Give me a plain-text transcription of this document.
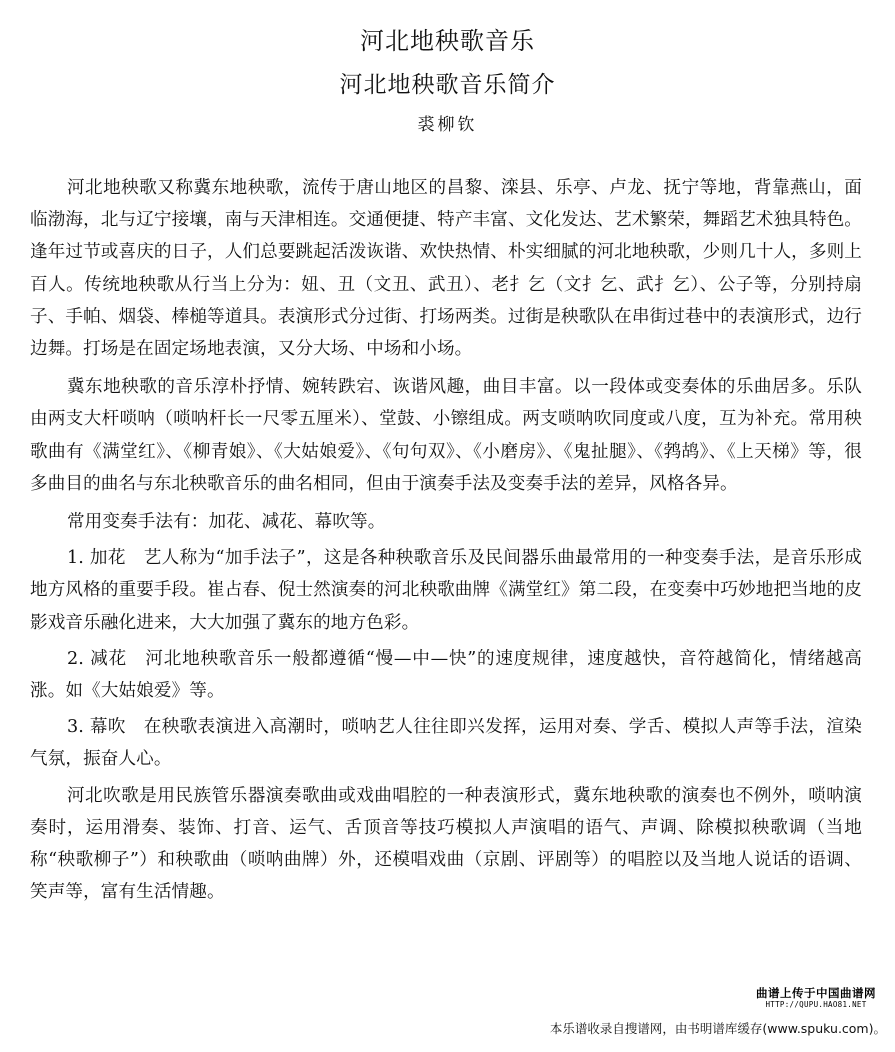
河北地秧歌音乐
河北地秧歌音乐简介
裘柳钦

河北地秧歌又称冀东地秧歌，流传于唐山地区的昌黎、滦县、乐亭、卢龙、抚宁等地，背靠燕山，面临渤海，北与辽宁接壤，南与天津相连。交通便捷、特产丰富、文化发达、艺术繁荣，舞蹈艺术独具特色。逢年过节或喜庆的日子，人们总要跳起活泼诙谐、欢快热情、朴实细腻的河北地秧歌，少则几十人，多则上百人。传统地秧歌从行当上分为：妞、丑（文丑、武丑）、老扌乞（文扌乞、武扌乞）、公子等，分别持扇子、手帕、烟袋、棒槌等道具。表演形式分过街、打场两类。过街是秧歌队在串街过巷中的表演形式，边行边舞。打场是在固定场地表演，又分大场、中场和小场。

冀东地秧歌的音乐淳朴抒情、婉转跌宕、诙谐风趣，曲目丰富。以一段体或变奏体的乐曲居多。乐队由两支大杆唢呐（唢呐杆长一尺零五厘米）、堂鼓、小镲组成。两支唢呐吹同度或八度，互为补充。常用秧歌曲有《满堂红》、《柳青娘》、《大姑娘爱》、《句句双》、《小磨房》、《鬼扯腿》、《鹁鸪》、《上天梯》等，很多曲目的曲名与东北秧歌音乐的曲名相同，但由于演奏手法及变奏手法的差异，风格各异。

常用变奏手法有：加花、减花、幕吹等。

1. 加花　艺人称为“加手法子”，这是各种秧歌音乐及民间器乐曲最常用的一种变奏手法，是音乐形成地方风格的重要手段。崔占春、倪士然演奏的河北秧歌曲牌《满堂红》第二段，在变奏中巧妙地把当地的皮影戏音乐融化进来，大大加强了冀东的地方色彩。

2. 减花　河北地秧歌音乐一般都遵循“慢—中—快”的速度规律，速度越快，音符越简化，情绪越高涨。如《大姑娘爱》等。

3. 幕吹　在秧歌表演进入高潮时，唢呐艺人往往即兴发挥，运用对奏、学舌、模拟人声等手法，渲染气氛，振奋人心。

河北吹歌是用民族管乐器演奏歌曲或戏曲唱腔的一种表演形式，冀东地秧歌的演奏也不例外，唢呐演奏时，运用滑奏、装饰、打音、运气、舌顶音等技巧模拟人声演唱的语气、声调、除模拟秧歌调（当地称“秧歌柳子”）和秧歌曲（唢呐曲牌）外，还模唱戏曲（京剧、评剧等）的唱腔以及当地人说话的语调、笑声等，富有生活情趣。

曲谱上传于中国曲谱网
HTTP://QUPU.HAO81.NET
本乐谱收录自搜谱网，由书明谱库缓存(www.spuku.com)。
